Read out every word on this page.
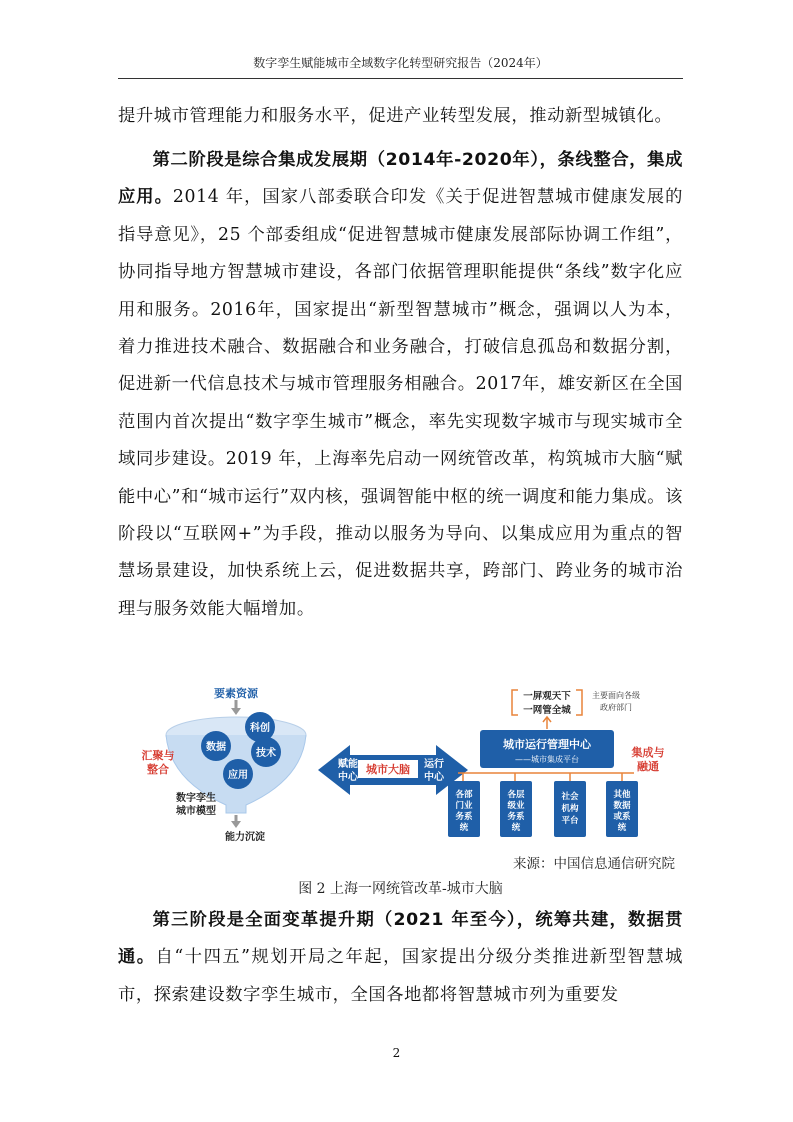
数字孪生赋能城市全域数字化转型研究报告（2024年）

提升城市管理能力和服务水平，促进产业转型发展，推动新型城镇化。

第二阶段是综合集成发展期（2014年-2020年），条线整合，集成应用。2014 年，国家八部委联合印发《关于促进智慧城市健康发展的指导意见》，25 个部委组成“促进智慧城市健康发展部际协调工作组”，协同指导地方智慧城市建设，各部门依据管理职能提供“条线”数字化应用和服务。2016年，国家提出“新型智慧城市”概念，强调以人为本，着力推进技术融合、数据融合和业务融合，打破信息孤岛和数据分割，促进新一代信息技术与城市管理服务相融合。2017年，雄安新区在全国范围内首次提出“数字孪生城市”概念，率先实现数字城市与现实城市全域同步建设。2019 年，上海率先启动一网统管改革，构筑城市大脑“赋能中心”和“城市运行”双内核，强调智能中枢的统一调度和能力集成。该阶段以“互联网+”为手段，推动以服务为导向、以集成应用为重点的智慧场景建设，加快系统上云，促进数据共享，跨部门、跨业务的城市治理与服务效能大幅增加。

要素资源
科创
数据
技术
应用
汇聚与
整合
数字孪生
城市模型
能力沉淀
赋能
中心
城市大脑 运行
中心
一屏观天下
一网管全城
主要面向各级
政府部门
城市运行管理中心
——城市集成平台
集成与
融通
各部
门业
务系
统
各层
级业
务系
统
社会
机构
平台
其他
数据
或系
统
来源：中国信息通信研究院
图 2 上海一网统管改革-城市大脑

第三阶段是全面变革提升期（2021 年至今），统筹共建，数据贯通。自“十四五”规划开局之年起，国家提出分级分类推进新型智慧城市，探索建设数字孪生城市，全国各地都将智慧城市列为重要发

2
